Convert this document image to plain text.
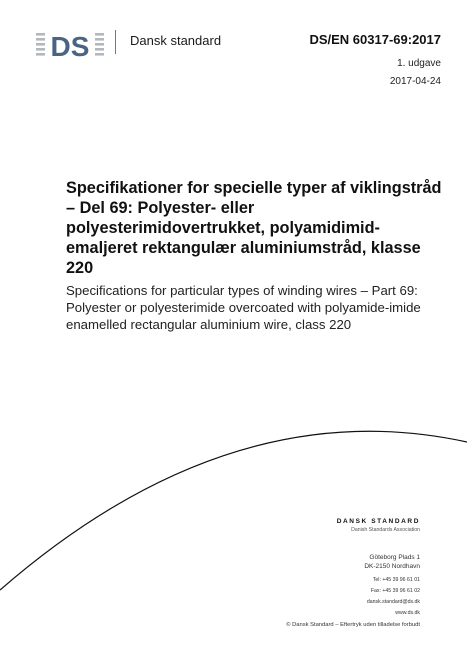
DS	Dansk standard	DS/EN 60317-69:2017
1. udgave
2017-04-24
Specifikationer for specielle typer af viklingstråd – Del 69: Polyester- eller polyesterimidovertrukket, polyamidimid-emaljeret rektangulær aluminiumstråd, klasse 220

Specifications for particular types of winding wires – Part 69: Polyester or polyesterimide overcoated with polyamide-imide enamelled rectangular aluminium wire, class 220

DANSK STANDARD
Danish Standards Association
Göteborg Plads 1
DK-2150 Nordhavn
Tel: +45 39 96 61 01
Fax: +45 39 96 61 02
dansk.standard@ds.dk
www.ds.dk
© Dansk Standard – Eftertryk uden tilladelse forbudt
